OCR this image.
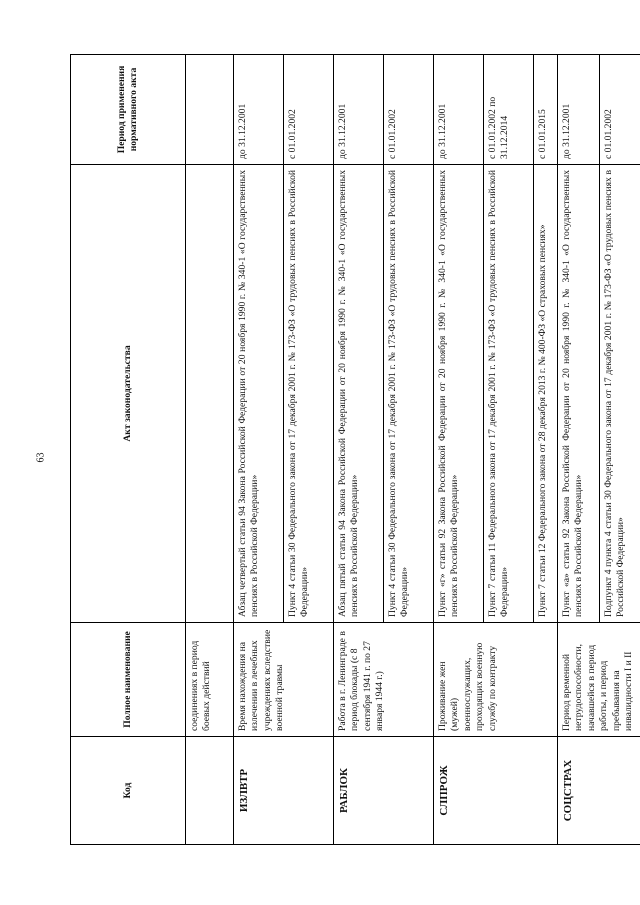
63
Код	Полное наименование	Акт законодательства	Период применения нормативного акта
	соединениях в период боевых действий		
ИЗЛВТР	Время нахождения на излечении в лечебных учреждениях вследствие военной травмы	Абзац четвертый статьи 94 Закона Российской Федерации от 20 ноября 1990 г. № 340-1 «О государственных пенсиях в Российской Федерации»	до 31.12.2001
		Пункт 4 статьи 30 Федерального закона от 17 декабря 2001 г. № 173-ФЗ «О трудовых пенсиях в Российской Федерации»	с 01.01.2002
РАБЛОК	Работа в г. Ленинграде в период блокады (с 8 сентября 1941 г. по 27 января 1944 г.)	Абзац пятый статьи 94 Закона Российской Федерации от 20 ноября 1990 г. № 340-1 «О государственных пенсиях в Российской Федерации»	до 31.12.2001
		Пункт 4 статьи 30 Федерального закона от 17 декабря 2001 г. № 173-ФЗ «О трудовых пенсиях в Российской Федерации»	с 01.01.2002
СЛПРОЖ	Проживание жен (мужей) военнослужащих, проходящих военную службу по контракту	Пункт «г» статьи 92 Закона Российской Федерации от 20 ноября 1990 г. № 340-1 «О государственных пенсиях в Российской Федерации»	до 31.12.2001
		Пункт 7 статьи 11 Федерального закона от 17 декабря 2001 г. № 173-ФЗ «О трудовых пенсиях в Российской Федерации»	с 01.01.2002 по 31.12.2014
		Пункт 7 статьи 12 Федерального закона от 28 декабря 2013 г. № 400-ФЗ «О страховых пенсиях»	с 01.01.2015
СОЦСТРАХ	Период временной нетрудоспособности, начавшейся в период работы, и период пребывания на инвалидности I и II	Пункт «а» статьи 92 Закона Российской Федерации от 20 ноября 1990 г. № 340-1 «О государственных пенсиях в Российской Федерации»	до 31.12.2001
		Подпункт 4 пункта 4 статьи 30 Федерального закона от 17 декабря 2001 г. № 173-ФЗ «О трудовых пенсиях в Российской Федерации»	с 01.01.2002
